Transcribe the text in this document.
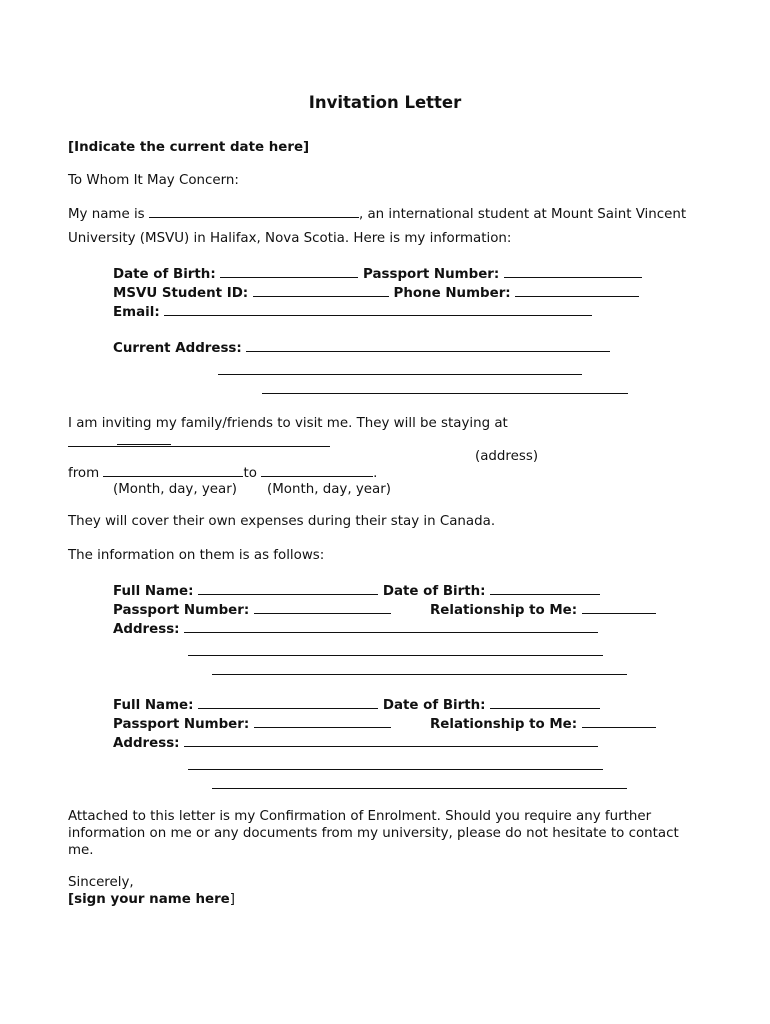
Invitation Letter
[Indicate the current date here]
To Whom It May Concern:
My name is	, an international student at Mount Saint Vincent
University (MSVU) in Halifax, Nova Scotia. Here is my information:
Date of Birth:	Passport Number:
MSVU Student ID:	Phone Number:
Email:
Current Address:
I am inviting my family/friends to visit me. They will be staying at
(address)
from	to	.
(Month, day, year) (Month, day, year)
They will cover their own expenses during their stay in Canada.
The information on them is as follows:
Full Name:	Date of Birth:
Passport Number:	Relationship to Me:
Address:
Full Name:	Date of Birth:
Passport Number:	Relationship to Me:
Address:
Attached to this letter is my Confirmation of Enrolment. Should you require any further
information on me or any documents from my university, please do not hesitate to contact
me.
Sincerely,
[sign your name here]
